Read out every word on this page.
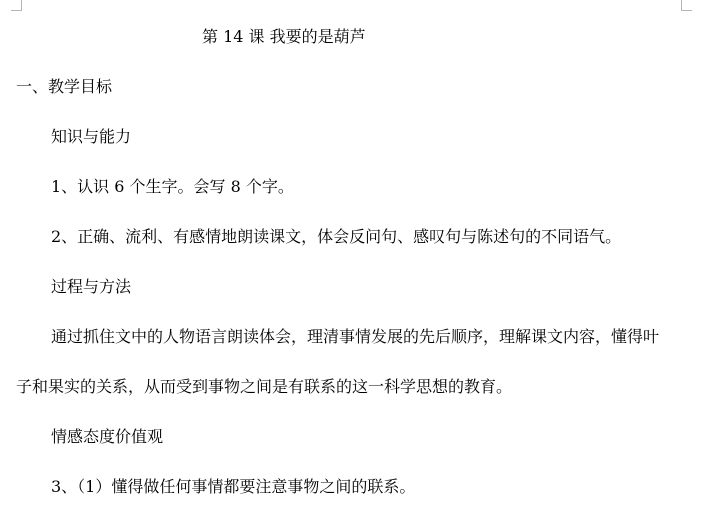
第 14 课 我要的是葫芦
一、教学目标
知识与能力
1、认识 6 个生字。会写 8 个字。
2、正确、流利、有感情地朗读课文，体会反问句、感叹句与陈述句的不同语气。
过程与方法
通过抓住文中的人物语言朗读体会，理清事情发展的先后顺序，理解课文内容，懂得叶
子和果实的关系，从而受到事物之间是有联系的这一科学思想的教育。
情感态度价值观
3、（1）懂得做任何事情都要注意事物之间的联系。
